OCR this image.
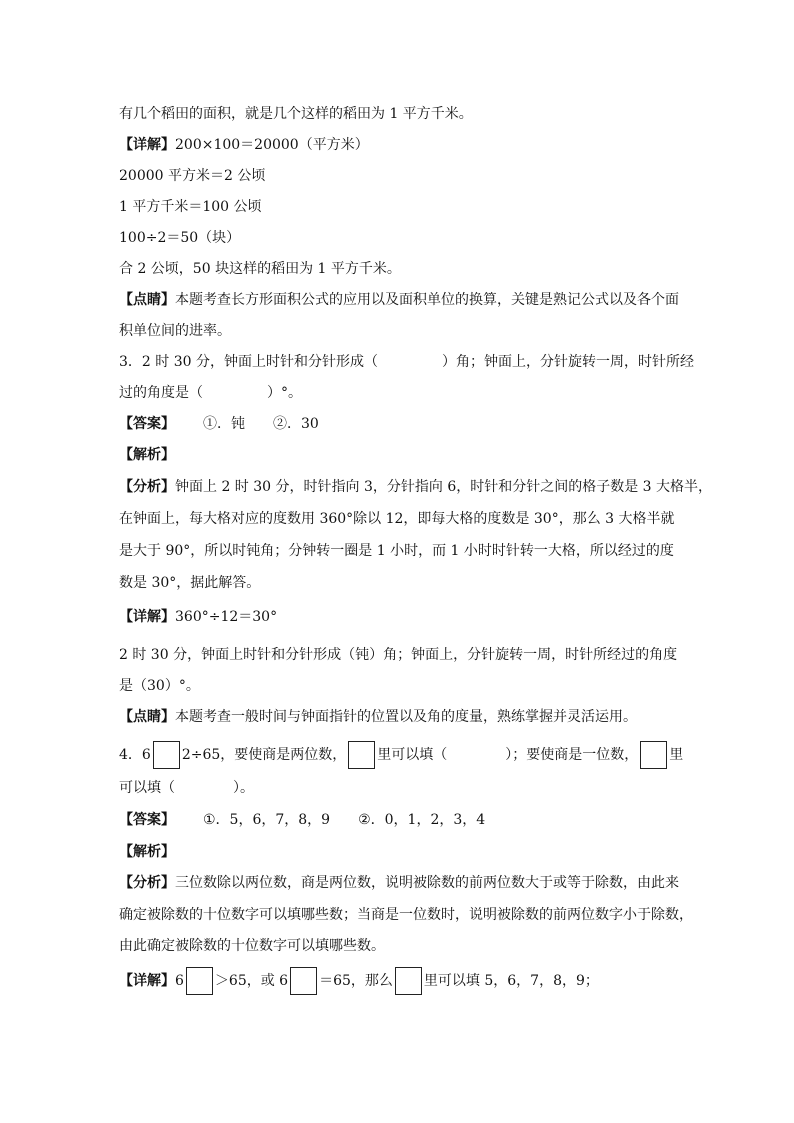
有几个稻田的面积，就是几个这样的稻田为 1 平方千米。
【详解】200×100＝20000（平方米）
20000 平方米＝2 公顷
1 平方千米＝100 公顷
100÷2＝50（块）
合 2 公顷，50 块这样的稻田为 1 平方千米。
【点睛】本题考查长方形面积公式的应用以及面积单位的换算，关键是熟记公式以及各个面
积单位间的进率。
3．2 时 30 分，钟面上时针和分针形成（	）角；钟面上，分针旋转一周，时针所经
过的角度是（	）°。
【答案】 ①．钝　　②．30
【解析】
【分析】钟面上 2 时 30 分，时针指向 3，分针指向 6，时针和分针之间的格子数是 3 大格半，
在钟面上，每大格对应的度数用 360°除以 12，即每大格的度数是 30°，那么 3 大格半就
是大于 90°，所以时钝角；分钟转一圈是 1 小时，而 1 小时时针转一大格，所以经过的度
数是 30°，据此解答。
【详解】360°÷12＝30°
2 时 30 分，钟面上时针和分针形成（钝）角；钟面上，分针旋转一周，时针所经过的角度
是（30）°。
【点睛】本题考查一般时间与钟面指针的位置以及角的度量，熟练掌握并灵活运用。
4．6 2÷65，要使商是两位数， 里可以填（	）；要使商是一位数， 里
可以填（	）。
【答案】 ①．5，6，7，8，9　　②．0，1，2，3，4
【解析】
【分析】三位数除以两位数，商是两位数，说明被除数的前两位数大于或等于除数，由此来
确定被除数的十位数字可以填哪些数；当商是一位数时，说明被除数的前两位数字小于除数，
由此确定被除数的十位数字可以填哪些数。
【详解】6 ＞65，或 6 ＝65，那么 里可以填 5，6，7，8，9；
